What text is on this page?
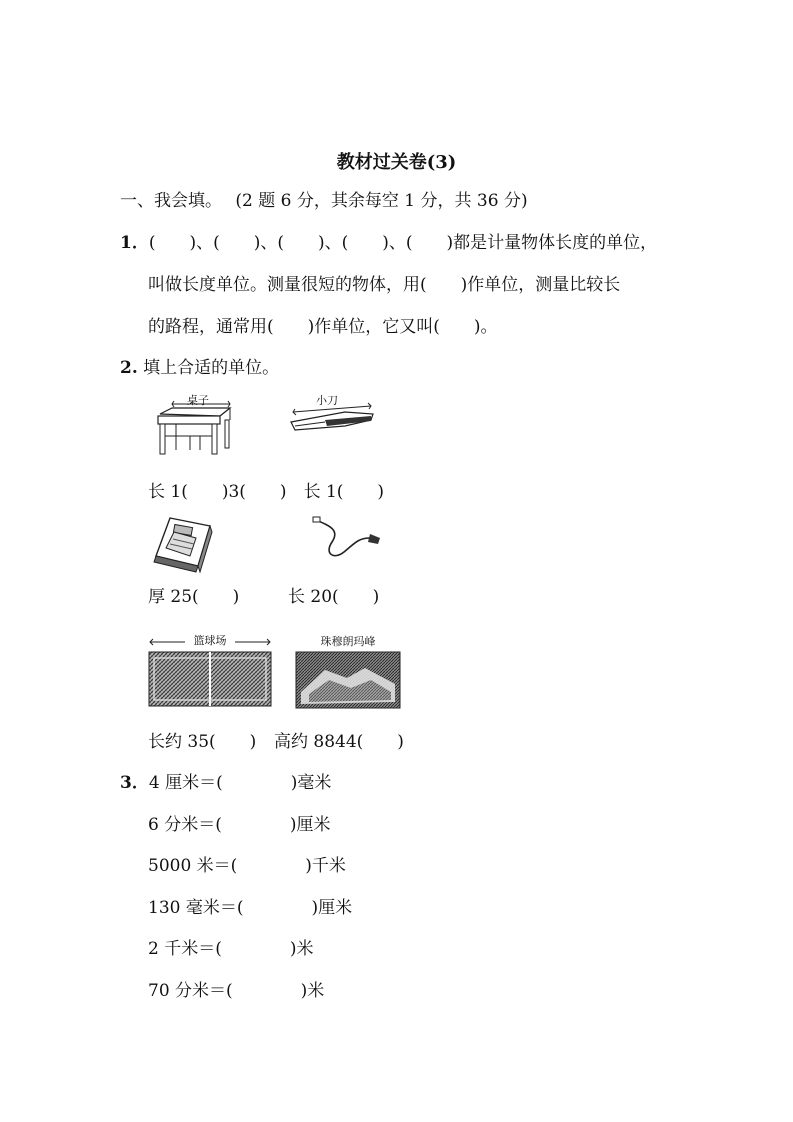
教材过关卷(3)
一、我会填。 (2 题 6 分，其余每空 1 分，共 36 分)
1．(　　)、(　　)、(　　)、(　　)、(　　)都是计量物体长度的单位，
叫做长度单位。测量很短的物体，用(　　)作单位，测量比较长
的路程，通常用(　　)作单位，它又叫(　　)。
2. 填上合适的单位。
桌子	小刀
长 1(　　)3(　　)　长 1(　　)
厚 25(　　)	长 20(　　)
篮球场	珠穆朗玛峰
长约 35(　　) 高约 8844(　　)
3．4 厘米＝(　　　　)毫米
6 分米＝(　　　　)厘米
5000 米＝(　　　　)千米
130 毫米＝(　　　　)厘米
2 千米＝(　　　　)米
70 分米＝(　　　　)米
